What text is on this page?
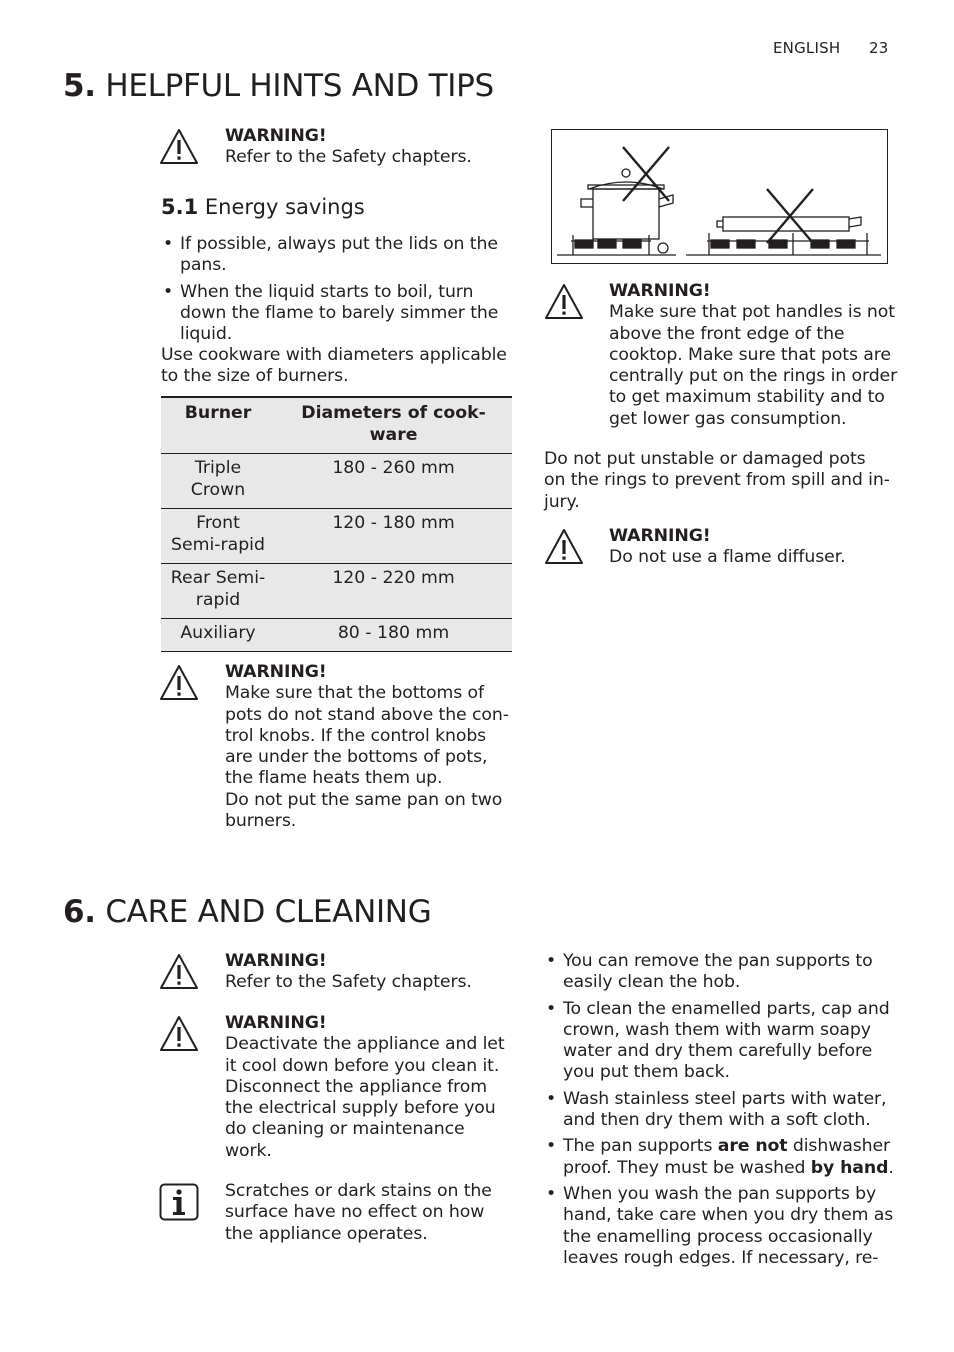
ENGLISH 23
5. HELPFUL HINTS AND TIPS
WARNING!
Refer to the Safety chapters.
5.1 Energy savings
• If possible, always put the lids on the
pans.
• When the liquid starts to boil, turn
down the flame to barely simmer the
liquid.
Use cookware with diameters applicable
to the size of burners.
Burner	Diameters of cook-
ware
Triple
Crown	180 - 260 mm
Front
Semi-rapid	120 - 180 mm
Rear Semi-
rapid	120 - 220 mm
Auxiliary	80 - 180 mm
WARNING!
Make sure that the bottoms of
pots do not stand above the con-
trol knobs. If the control knobs
are under the bottoms of pots,
the flame heats them up.
Do not put the same pan on two
burners.
WARNING!
Make sure that pot handles is not
above the front edge of the
cooktop. Make sure that pots are
centrally put on the rings in order
to get maximum stability and to
get lower gas consumption.
Do not put unstable or damaged pots
on the rings to prevent from spill and in-
jury.
WARNING!
Do not use a flame diffuser.
6. CARE AND CLEANING
WARNING!
Refer to the Safety chapters.
WARNING!
Deactivate the appliance and let
it cool down before you clean it.
Disconnect the appliance from
the electrical supply before you
do cleaning or maintenance
work.
Scratches or dark stains on the
surface have no effect on how
the appliance operates.
• You can remove the pan supports to
easily clean the hob.
• To clean the enamelled parts, cap and
crown, wash them with warm soapy
water and dry them carefully before
you put them back.
• Wash stainless steel parts with water,
and then dry them with a soft cloth.
• The pan supports are not dishwasher
proof. They must be washed by hand.
• When you wash the pan supports by
hand, take care when you dry them as
the enamelling process occasionally
leaves rough edges. If necessary, re-
